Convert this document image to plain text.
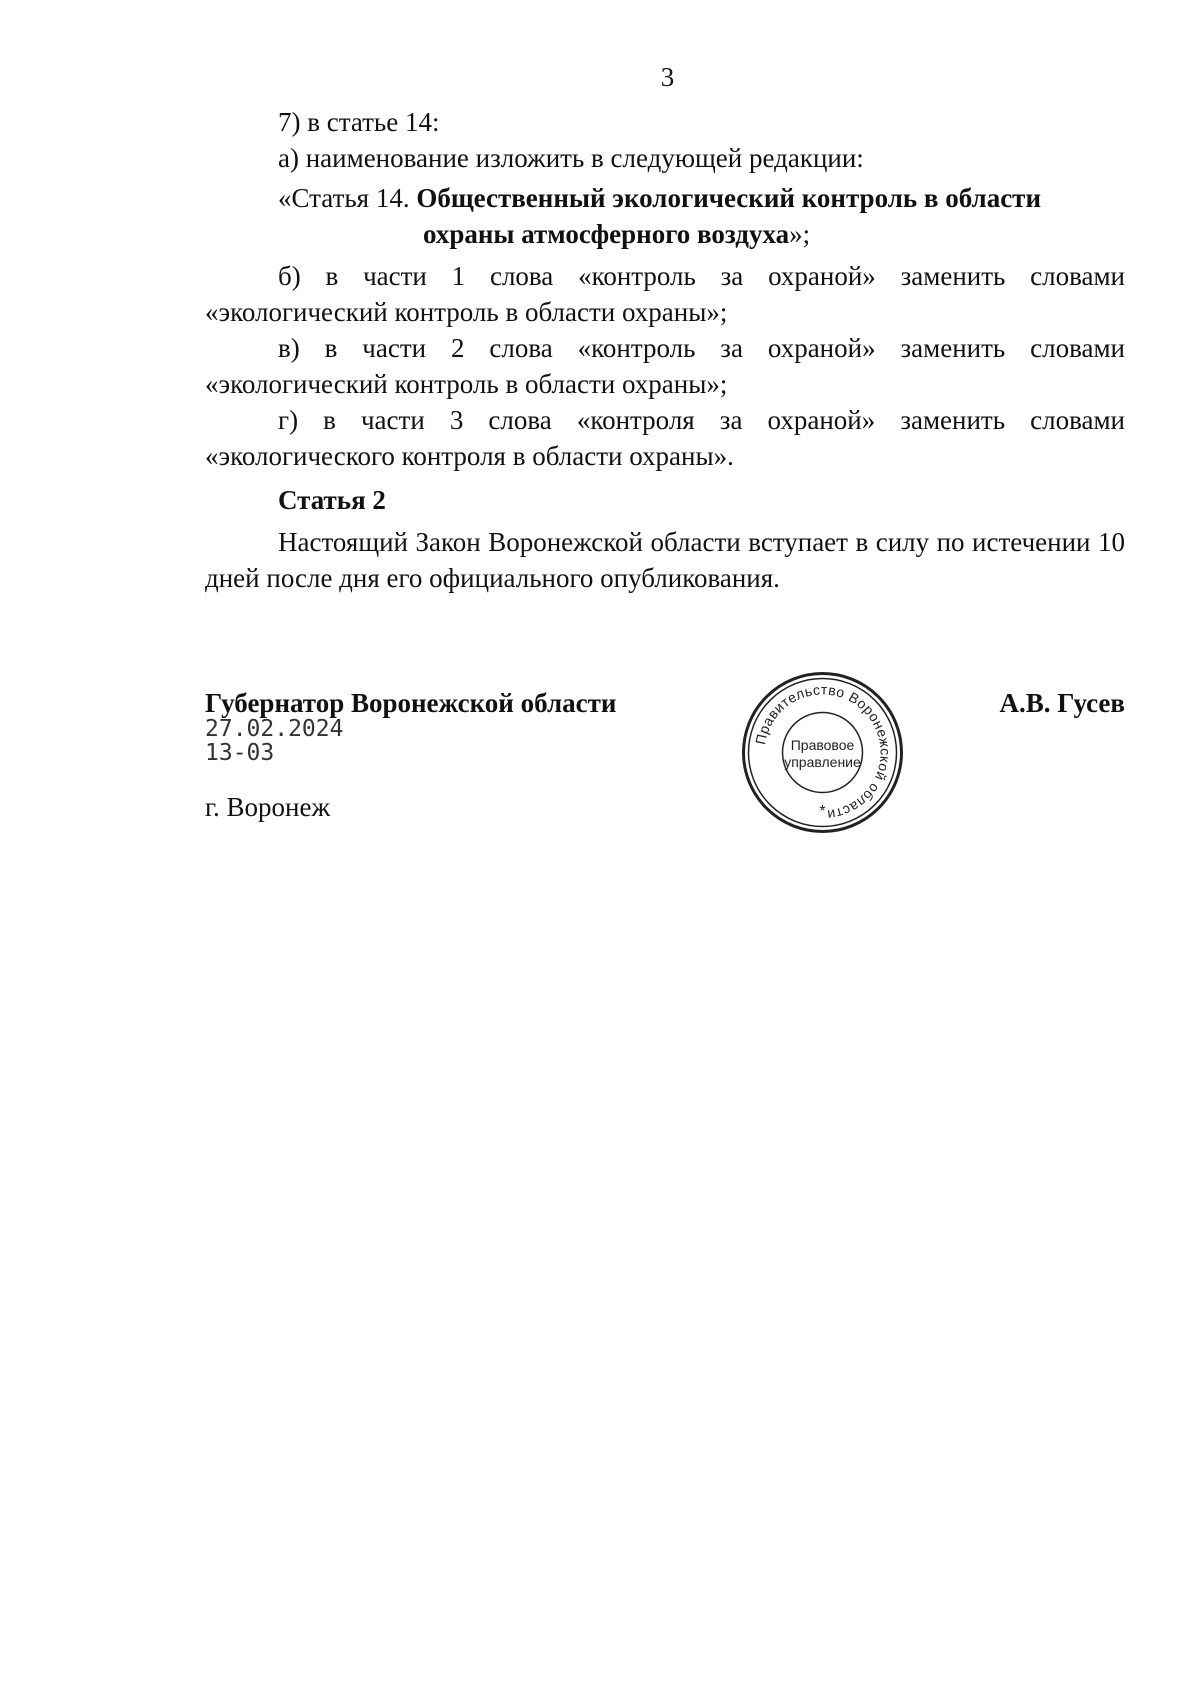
3

7) в статье 14:

а) наименование изложить в следующей редакции:

«Статья 14. Общественный экологический контроль в области
охраны атмосферного воздуха»;

б) в части 1 слова «контроль за охраной» заменить словами «экологический контроль в области охраны»;

в) в части 2 слова «контроль за охраной» заменить словами «экологический контроль в области охраны»;

г) в части 3 слова «контроля за охраной» заменить словами «экологического контроля в области охраны».

Статья 2

Настоящий Закон Воронежской области вступает в силу по истечении 10 дней после дня его официального опубликования.

Губернатор Воронежской области	А.В. Гусев
27.02.2024
13-03
г. Воронеж
Правительство Воронежской области
Правовое
управление
*
